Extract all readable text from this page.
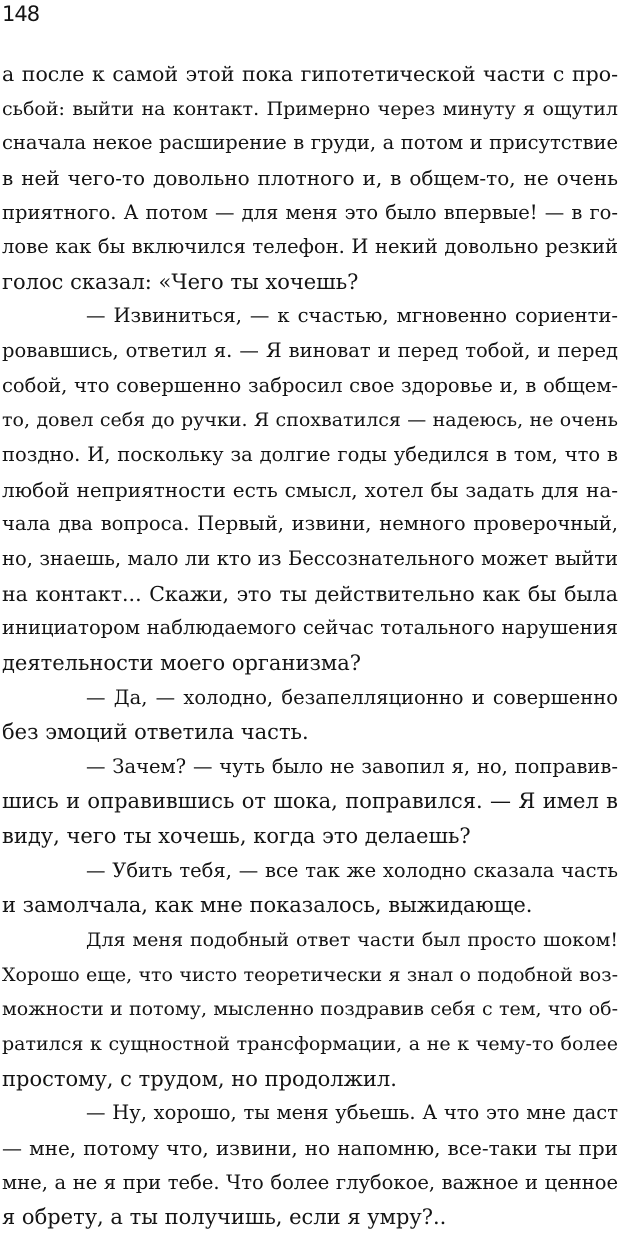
148
а после к самой этой пока гипотетической части с про-
сьбой: выйти на контакт. Примерно через минуту я ощутил
сначала некое расширение в груди, а потом и присутствие
в ней чего-то довольно плотного и, в общем-то, не очень
приятного. А потом — для меня это было впервые! — в го-
лове как бы включился телефон. И некий довольно резкий
голос сказал: «Чего ты хочешь?
— Извиниться, — к счастью, мгновенно сориенти-
ровавшись, ответил я. — Я виноват и перед тобой, и перед
собой, что совершенно забросил свое здоровье и, в общем-
то, довел себя до ручки. Я спохватился — надеюсь, не очень
поздно. И, поскольку за долгие годы убедился в том, что в
любой неприятности есть смысл, хотел бы задать для на-
чала два вопроса. Первый, извини, немного проверочный,
но, знаешь, мало ли кто из Бессознательного может выйти
на контакт... Скажи, это ты действительно как бы была
инициатором наблюдаемого сейчас тотального нарушения
деятельности моего организма?
— Да, — холодно, безапелляционно и совершенно
без эмоций ответила часть.
— Зачем? — чуть было не завопил я, но, поправив-
шись и оправившись от шока, поправился. — Я имел в
виду, чего ты хочешь, когда это делаешь?
— Убить тебя, — все так же холодно сказала часть
и замолчала, как мне показалось, выжидающе.
Для меня подобный ответ части был просто шоком!
Хорошо еще, что чисто теоретически я знал о подобной воз-
можности и потому, мысленно поздравив себя с тем, что об-
ратился к сущностной трансформации, а не к чему-то более
простому, с трудом, но продолжил.
— Ну, хорошо, ты меня убьешь. А что это мне даст
— мне, потому что, извини, но напомню, все-таки ты при
мне, а не я при тебе. Что более глубокое, важное и ценное
я обрету, а ты получишь, если я умру?..
